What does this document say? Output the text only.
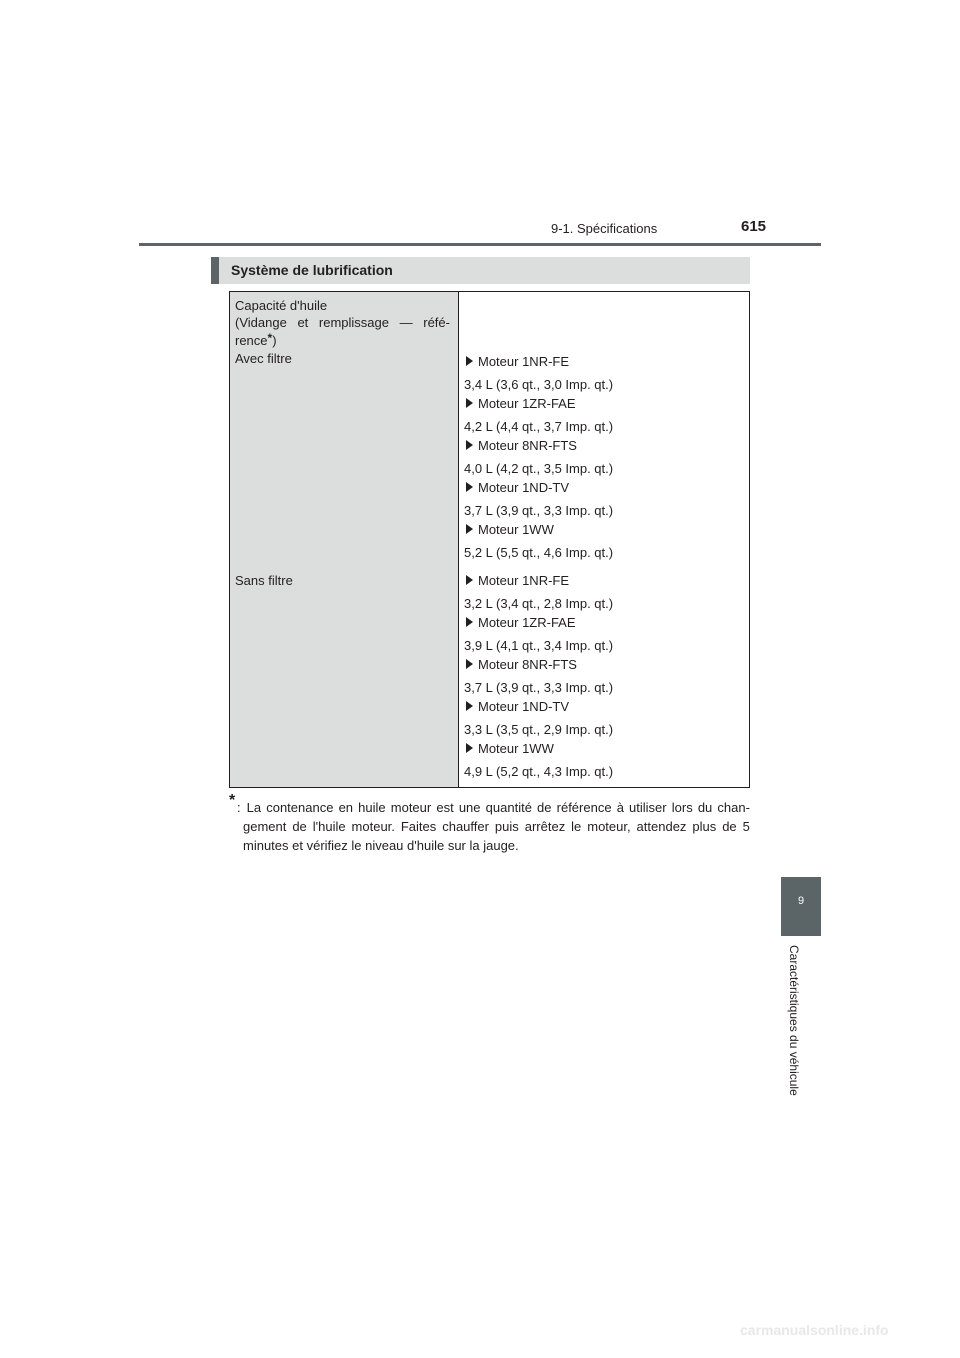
9-1. Spécifications	615
Système de lubrification
Capacité d'huile
(Vidange et remplissage — réfé-
rence*)
Avec filtre
Sans filtre
Moteur 1NR-FE
3,4 L (3,6 qt., 3,0 Imp. qt.)
Moteur 1ZR-FAE
4,2 L (4,4 qt., 3,7 Imp. qt.)
Moteur 8NR-FTS
4,0 L (4,2 qt., 3,5 Imp. qt.)
Moteur 1ND-TV
3,7 L (3,9 qt., 3,3 Imp. qt.)
Moteur 1WW
5,2 L (5,5 qt., 4,6 Imp. qt.)
Moteur 1NR-FE
3,2 L (3,4 qt., 2,8 Imp. qt.)
Moteur 1ZR-FAE
3,9 L (4,1 qt., 3,4 Imp. qt.)
Moteur 8NR-FTS
3,7 L (3,9 qt., 3,3 Imp. qt.)
Moteur 1ND-TV
3,3 L (3,5 qt., 2,9 Imp. qt.)
Moteur 1WW
4,9 L (5,2 qt., 4,3 Imp. qt.)
* : La contenance en huile moteur est une quantité de référence à utiliser lors du chan-
gement de l'huile moteur. Faites chauffer puis arrêtez le moteur, attendez plus de 5
minutes et vérifiez le niveau d'huile sur la jauge.
9
Caractéristiques du véhicule
carmanualsonline.info
